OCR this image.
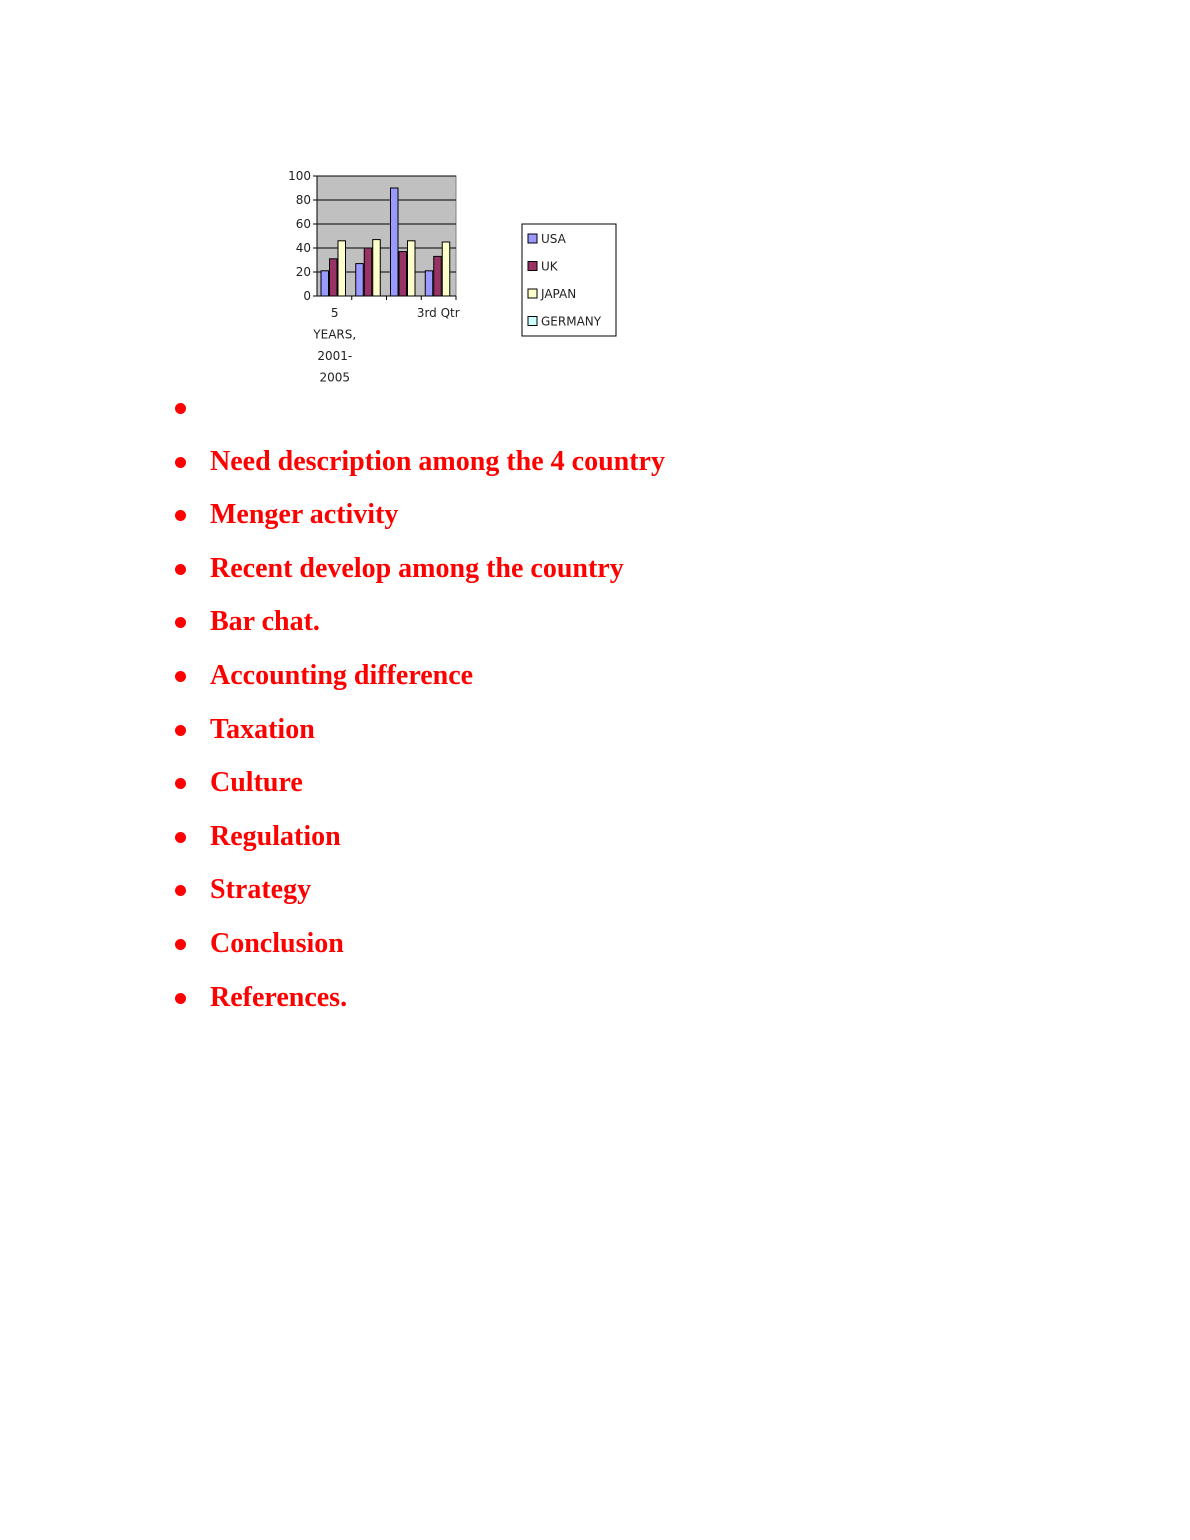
0
20
40
60
80
100
5
YEARS,
2001-
2005
3rd Qtr
USA
UK
JAPAN
GERMANY
Need description among the 4 country
Menger activity
Recent develop among the country
Bar chat.
Accounting difference
Taxation
Culture
Regulation
Strategy
Conclusion
References.
